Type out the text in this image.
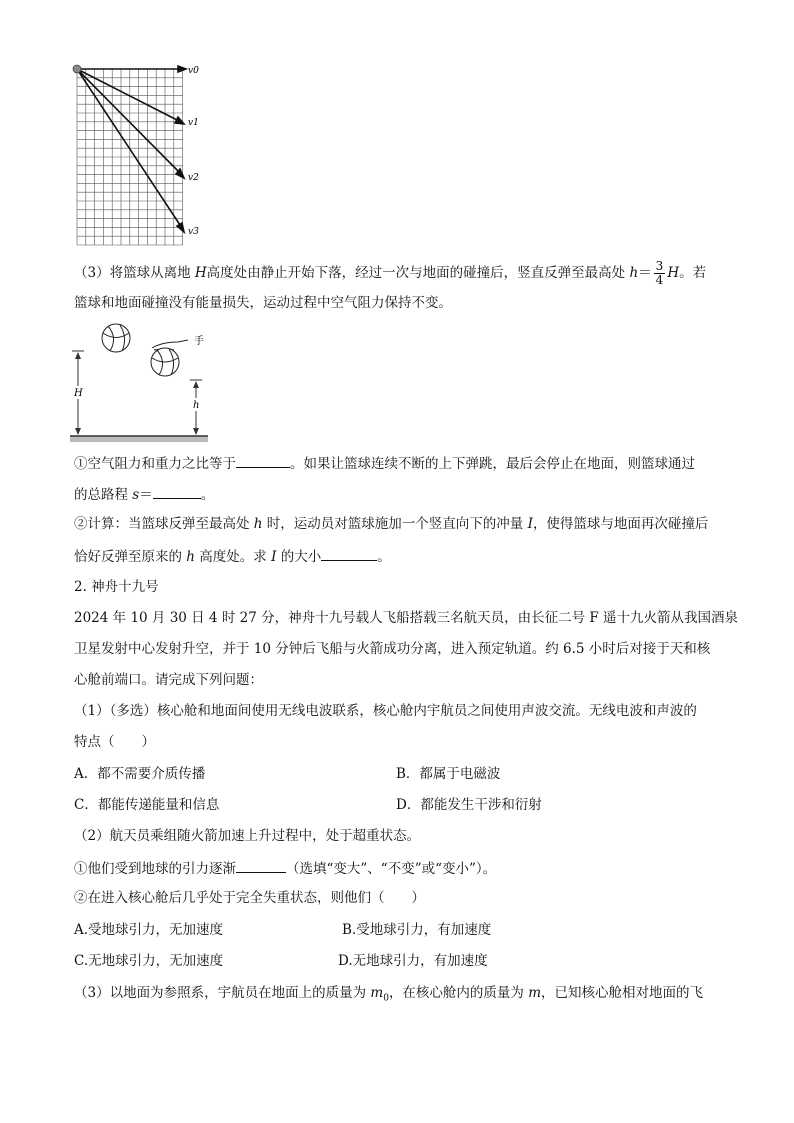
v0
v1
v2
v3
（3）将篮球从离地 H高度处由静止开始下落，经过一次与地面的碰撞后，竖直反弹至最高处 $h= \frac{3}{4}$ H。若
篮球和地面碰撞没有能量损失，运动过程中空气阻力保持不变。
H
h
手
①空气阻力和重力之比等于	。如果让篮球连续不断的上下弹跳，最后会停止在地面，则篮球通过
的总路程 s＝	。
②计算：当篮球反弹至最高处 h 时，运动员对篮球施加一个竖直向下的冲量 I，使得篮球与地面再次碰撞后
恰好反弹至原来的 h 高度处。求 I 的大小	。
2. 神舟十九号
2024 年 10 月 30 日 4 时 27 分，神舟十九号载人飞船搭载三名航天员，由长征二号 F 遥十九火箭从我国酒泉
卫星发射中心发射升空，并于 10 分钟后飞船与火箭成功分离，进入预定轨道。约 6.5 小时后对接于天和核
心舱前端口。请完成下列问题：
（1）（多选）核心舱和地面间使用无线电波联系，核心舱内宇航员之间使用声波交流。无线电波和声波的
特点（　　）
A．都不需要介质传播	B．都属于电磁波
C．都能传递能量和信息	D．都能发生干涉和衍射
（2）航天员乘组随火箭加速上升过程中，处于超重状态。
①他们受到地球的引力逐渐	（选填“变大”、“不变”或“变小”）。
②在进入核心舱后几乎处于完全失重状态，则他们（　　）
A.受地球引力，无加速度	B.受地球引力，有加速度
C.无地球引力，无加速度	D.无地球引力，有加速度
（3）以地面为参照系，宇航员在地面上的质量为 $m_0$，在核心舱内的质量为 m，已知核心舱相对地面的飞
